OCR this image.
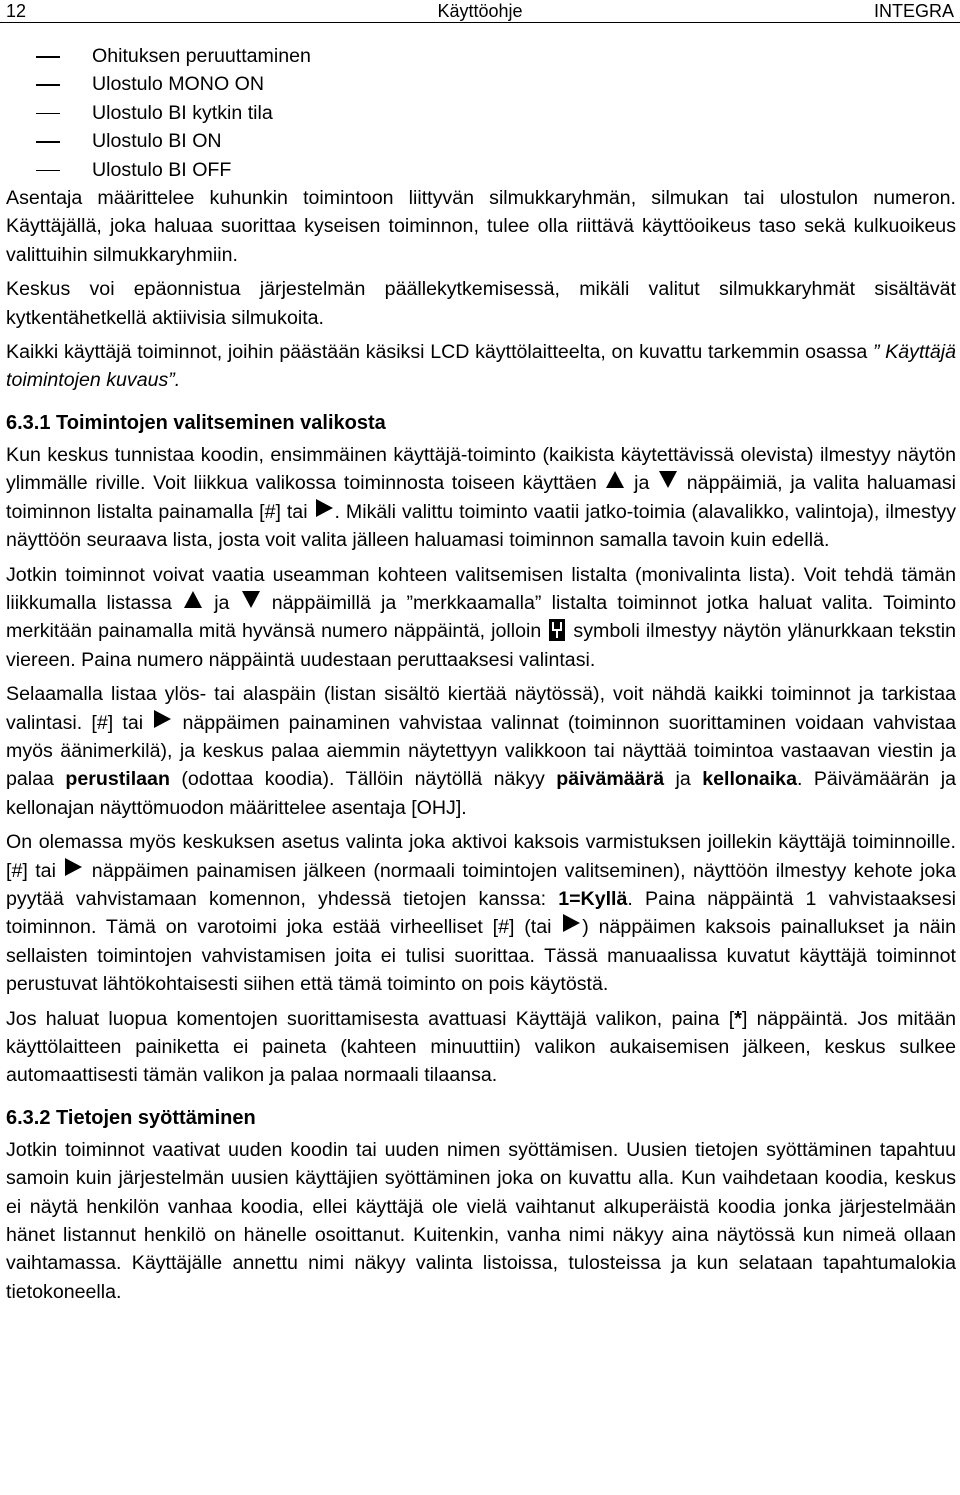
12	Käyttöohje	INTEGRA
Ohituksen peruuttaminen
Ulostulo MONO ON
Ulostulo BI kytkin tila
Ulostulo BI ON
Ulostulo BI OFF

Asentaja määrittelee kuhunkin toimintoon liittyvän silmukkaryhmän, silmukan tai ulostulon numeron. Käyttäjällä, joka haluaa suorittaa kyseisen toiminnon, tulee olla riittävä käyttöoikeus taso sekä kulkuoikeus valittuihin silmukkaryhmiin.

Keskus voi epäonnistua järjestelmän päällekytkemisessä, mikäli valitut silmukkaryhmät sisältävät kytkentähetkellä aktiivisia silmukoita.

Kaikki käyttäjä toiminnot, joihin päästään käsiksi LCD käyttölaitteelta, on kuvattu tarkemmin osassa ” Käyttäjä toimintojen kuvaus”.

6.3.1 Toimintojen valitseminen valikosta

Kun keskus tunnistaa koodin, ensimmäinen käyttäjä-toiminto (kaikista käytettävissä olevista) ilmestyy näytön ylimmälle riville. Voit liikkua valikossa toiminnosta toiseen käyttäen  ja  näppäimiä, ja valita haluamasi toiminnon listalta painamalla [#] tai . Mikäli valittu toiminto vaatii jatko-toimia (alavalikko, valintoja), ilmestyy näyttöön seuraava lista, josta voit valita jälleen haluamasi toiminnon samalla tavoin kuin edellä.

Jotkin toiminnot voivat vaatia useamman kohteen valitsemisen listalta (monivalinta lista). Voit tehdä tämän liikkumalla listassa  ja  näppäimillä ja ”merkkaamalla” listalta toiminnot jotka haluat valita. Toiminto merkitään painamalla mitä hyvänsä numero näppäintä, jolloin
symboli ilmestyy näytön ylänurkkaan tekstin viereen. Paina numero näppäintä uudestaan peruttaaksesi valintasi.

Selaamalla listaa ylös- tai alaspäin (listan sisältö kiertää näytössä), voit nähdä kaikki toiminnot ja tarkistaa valintasi. [#] tai  näppäimen painaminen vahvistaa valinnat (toiminnon suorittaminen voidaan vahvistaa myös äänimerkilä), ja keskus palaa aiemmin näytettyyn valikkoon tai näyttää toimintoa vastaavan viestin ja palaa perustilaan (odottaa koodia). Tällöin näytöllä näkyy päivämäärä ja kellonaika. Päivämäärän ja kellonajan näyttömuodon määrittelee asentaja [OHJ].

On olemassa myös keskuksen asetus valinta joka aktivoi kaksois varmistuksen joillekin käyttäjä toiminnoille. [#] tai  näppäimen painamisen jälkeen (normaali toimintojen valitseminen), näyttöön ilmestyy kehote joka pyytää vahvistamaan komennon, yhdessä tietojen kanssa: 1=Kyllä. Paina näppäintä 1 vahvistaaksesi toiminnon. Tämä on varotoimi joka estää virheelliset [#] (tai ) näppäimen kaksois painallukset ja näin sellaisten toimintojen vahvistamisen joita ei tulisi suorittaa. Tässä manuaalissa kuvatut käyttäjä toiminnot perustuvat lähtökohtaisesti siihen että tämä toiminto on pois käytöstä.

Jos haluat luopua komentojen suorittamisesta avattuasi Käyttäjä valikon, paina [*] näppäintä. Jos mitään käyttölaitteen painiketta ei paineta (kahteen minuuttiin) valikon aukaisemisen jälkeen, keskus sulkee automaattisesti tämän valikon ja palaa normaali tilaansa.

6.3.2 Tietojen syöttäminen

Jotkin toiminnot vaativat uuden koodin tai uuden nimen syöttämisen. Uusien tietojen syöttäminen tapahtuu samoin kuin järjestelmän uusien käyttäjien syöttäminen joka on kuvattu alla. Kun vaihdetaan koodia, keskus ei näytä henkilön vanhaa koodia, ellei käyttäjä ole vielä vaihtanut alkuperäistä koodia jonka järjestelmään hänet listannut henkilö on hänelle osoittanut. Kuitenkin, vanha nimi näkyy aina näytössä kun nimeä ollaan vaihtamassa. Käyttäjälle annettu nimi näkyy valinta listoissa, tulosteissa ja kun selataan tapahtumalokia tietokoneella.
